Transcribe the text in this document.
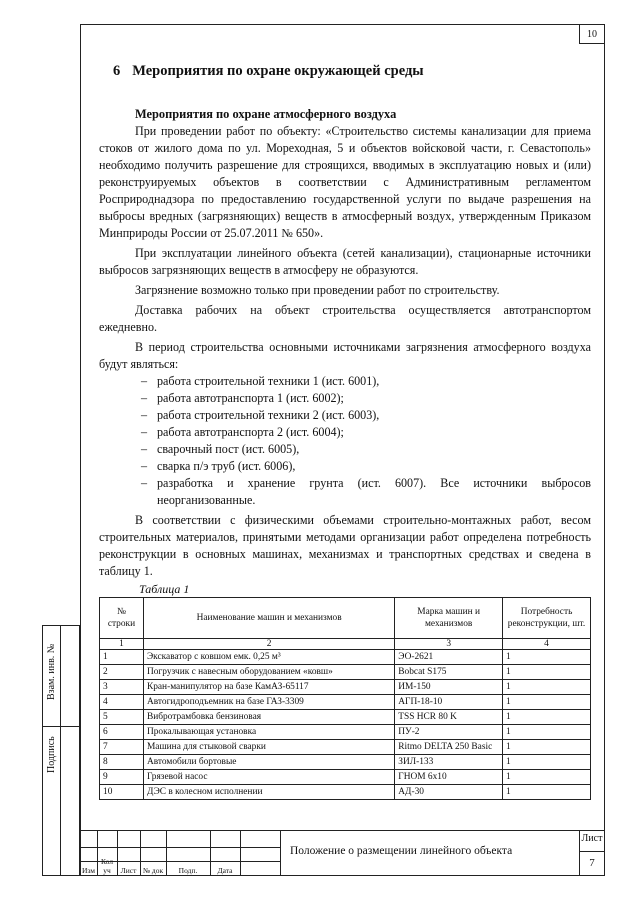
10
6 Мероприятия по охране окружающей среды
Мероприятия по охране атмосферного воздуха

При проведении работ по объекту: «Строительство системы канализации для приема стоков от жилого дома по ул. Мореходная, 5 и объектов войсковой части, г. Севастополь» необходимо получить разрешение для строящихся, вводимых в эксплуатацию новых и (или) реконструируемых объектов в соответствии с Административным регламентом Росприроднадзора по предоставлению государственной услуги по выдаче разрешения на выбросы вредных (загрязняющих) веществ в атмосферный воздух, утвержденным Приказом Минприроды России от 25.07.2011 № 650».

При эксплуатации линейного объекта (сетей канализации), стационарные источники выбросов загрязняющих веществ в атмосферу не образуются.

Загрязнение возможно только при проведении работ по строительству.

Доставка рабочих на объект строительства осуществляется автотранспортом ежедневно.

В период строительства основными источниками загрязнения атмосферного воздуха будут являться:

– работа строительной техники 1 (ист. 6001),
– работа автотранспорта 1 (ист. 6002);
– работа строительной техники 2 (ист. 6003),
– работа автотранспорта 2 (ист. 6004);
– сварочный пост (ист. 6005),
– сварка п/э труб (ист. 6006),
– разработка и хранение грунта (ист. 6007). Все источники выбросов неорганизованные.

В соответствии с физическими объемами строительно-монтажных работ, весом строительных материалов, принятыми методами организации работ определена потребность реконструкции в основных машинах, механизмах и транспортных средствах и сведена в таблицу 1.

Таблица 1
№ строки	Наименование машин и механизмов	Марка машин и механизмов	Потребность реконструкции, шт.
1	2	3	4
1	Экскаватор с ковшом емк. 0,25 м³	ЭО-2621	1
2	Погрузчик с навесным оборудованием «ковш»	Bobcat S175	1
3	Кран-манипулятор на базе КамАЗ-65117	ИМ-150	1
4	Автогидроподъемник на базе ГАЗ-3309	АГП-18-10	1
5	Вибротрамбовка бензиновая	TSS HCR 80 K	1
6	Прокалывающая установка	ПУ-2	1
7	Машина для стыковой сварки	Ritmo DELTA 250 Basic	1
8	Автомобили бортовые	ЗИЛ-133	1
9	Грязевой насос	ГНОМ 6х10	1
10	ДЭС в колесном исполнении	АД-30	1
Взам. инв. №
Подпись
Изм
Кол уч	Лист № док	Подп.	Дата
Положение о размещении линейного объекта
Лист
7
